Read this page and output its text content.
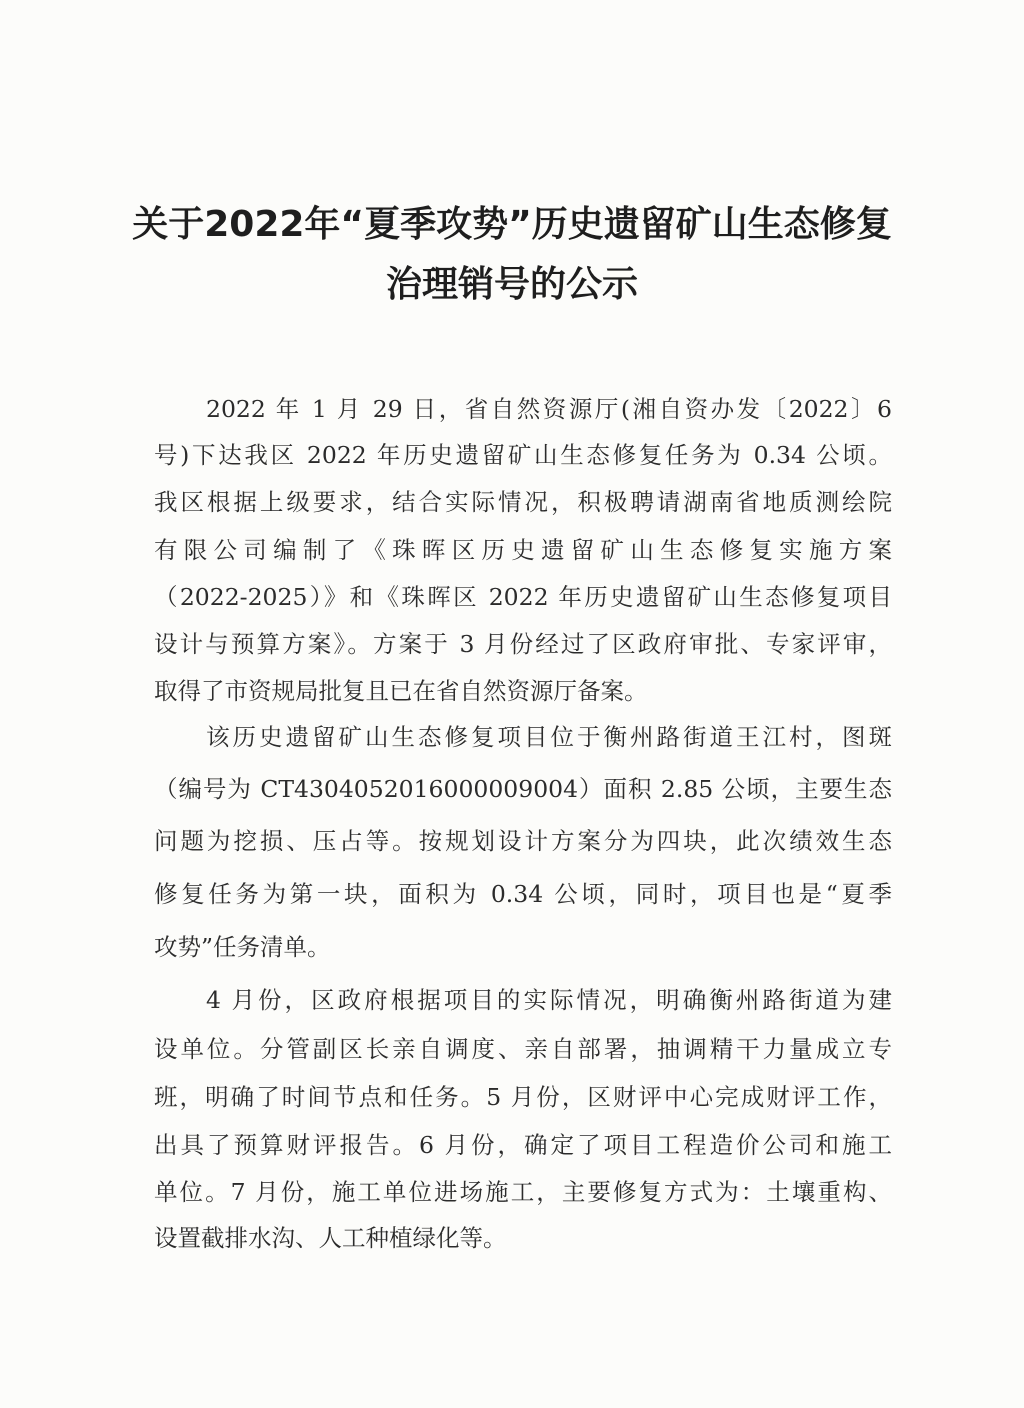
关于2022年“夏季攻势”历史遗留矿山生态修复
治理销号的公示
2022 年 1 月 29 日，省自然资源厅(湘自资办发〔2022〕6
号)下达我区 2022 年历史遗留矿山生态修复任务为 0.34 公顷。
我区根据上级要求，结合实际情况，积极聘请湖南省地质测绘院
有限公司编制了《珠晖区历史遗留矿山生态修复实施方案
（2022-2025）》和《珠晖区 2022 年历史遗留矿山生态修复项目
设计与预算方案》。方案于 3 月份经过了区政府审批、专家评审，
取得了市资规局批复且已在省自然资源厅备案。
该历史遗留矿山生态修复项目位于衡州路街道王江村，图斑
（编号为 CT4304052016000009004）面积 2.85 公顷，主要生态
问题为挖损、压占等。按规划设计方案分为四块，此次绩效生态
修复任务为第一块，面积为 0.34 公顷，同时，项目也是“夏季
攻势”任务清单。
4 月份，区政府根据项目的实际情况，明确衡州路街道为建
设单位。分管副区长亲自调度、亲自部署，抽调精干力量成立专
班，明确了时间节点和任务。5 月份，区财评中心完成财评工作，
出具了预算财评报告。6 月份，确定了项目工程造价公司和施工
单位。7 月份，施工单位进场施工，主要修复方式为：土壤重构、
设置截排水沟、人工种植绿化等。
